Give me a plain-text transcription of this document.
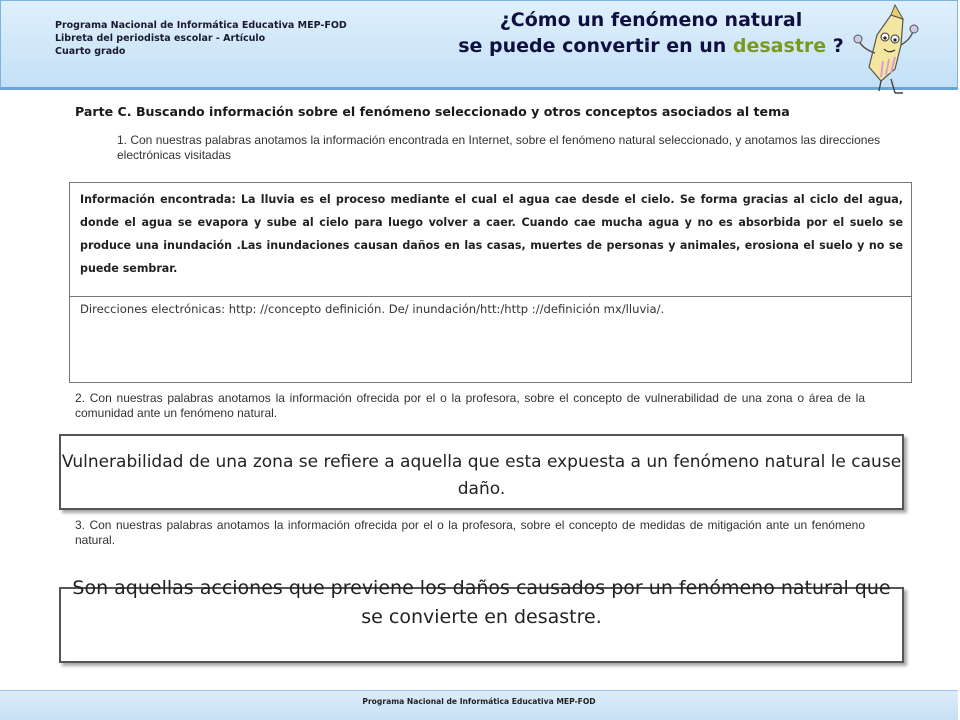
Programa Nacional de Informática Educativa MEP-FOD
Libreta del periodista escolar - Artículo
Cuarto grado
¿Cómo un fenómeno natural
se puede convertir en un desastre ?
Parte C. Buscando información sobre el fenómeno seleccionado y otros conceptos asociados al tema
1. Con nuestras palabras anotamos la información encontrada en Internet, sobre el fenómeno natural seleccionado, y anotamos las direcciones electrónicas visitadas
Información encontrada: La lluvia es el proceso mediante el cual el agua cae desde el cielo. Se forma gracias al ciclo del agua, donde el agua se evapora y sube al cielo para luego volver a caer. Cuando cae mucha agua y no es absorbida por el suelo se produce una inundación .Las inundaciones causan daños en las casas, muertes de personas y animales, erosiona el suelo y no se puede sembrar.
Direcciones electrónicas: http: //concepto definición. De/ inundación/htt:/http ://definición mx/lluvia/.
2. Con nuestras palabras anotamos la información ofrecida por el o la profesora, sobre el concepto de vulnerabilidad de una zona o área de la comunidad ante un fenómeno natural.
Vulnerabilidad de una zona se refiere a aquella que esta expuesta a un fenómeno natural le cause daño.
3. Con nuestras palabras anotamos la información ofrecida por el o la profesora, sobre el concepto de medidas de mitigación ante un fenómeno natural.
Son aquellas acciones que previene los daños causados por un fenómeno natural que se convierte en desastre.
Programa Nacional de Informática Educativa MEP-FOD
